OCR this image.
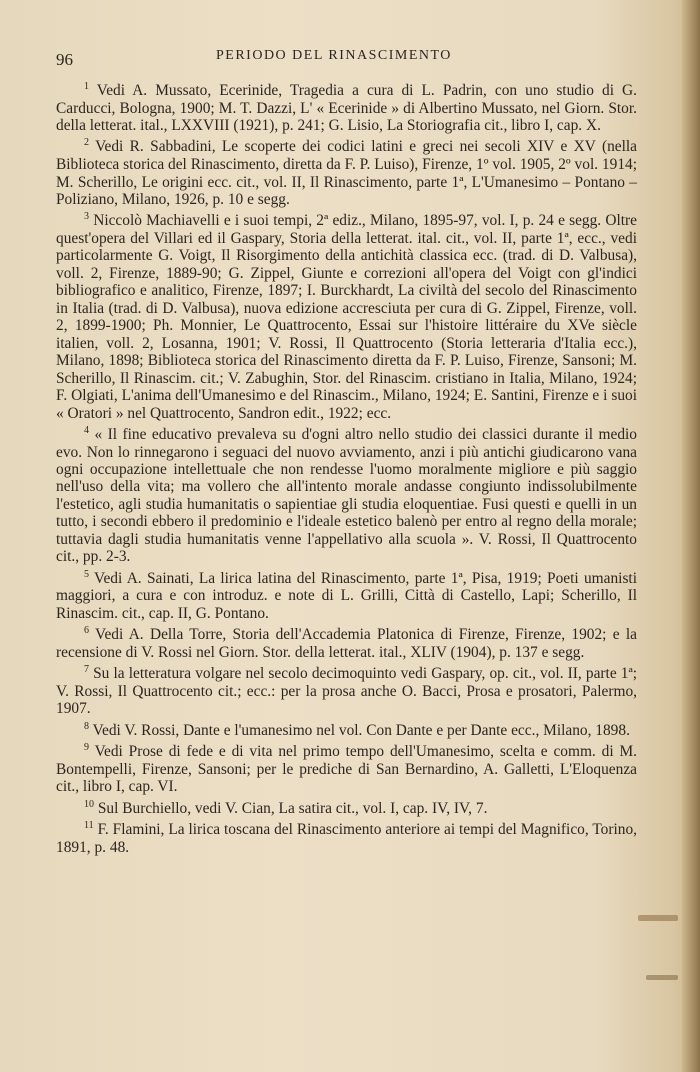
96	PERIODO DEL RINASCIMENTO

$^1$ Vedi A. Mussato, Ecerinide, Tragedia a cura di L. Padrin, con uno studio di G. Carducci, Bologna, 1900; M. T. Dazzi, L' « Ecerinide » di Albertino Mussato, nel Giorn. Stor. della letterat. ital., LXXVIII (1921), p. 241; G. Lisio, La Storiografia cit., libro I, cap. X.

$^2$ Vedi R. Sabbadini, Le scoperte dei codici latini e greci nei secoli XIV e XV (nella Biblioteca storica del Rinascimento, diretta da F. P. Luiso), Firenze, 1º vol. 1905, 2º vol. 1914; M. Scherillo, Le origini ecc. cit., vol. II, Il Rinascimento, parte 1ª, L'Umanesimo – Pontano – Poliziano, Milano, 1926, p. 10 e segg.

$^3$ Niccolò Machiavelli e i suoi tempi, 2ª ediz., Milano, 1895-97, vol. I, p. 24 e segg. Oltre quest'opera del Villari ed il Gaspary, Storia della letterat. ital. cit., vol. II, parte 1ª, ecc., vedi particolarmente G. Voigt, Il Risorgimento della antichità classica ecc. (trad. di D. Valbusa), voll. 2, Firenze, 1889-90; G. Zippel, Giunte e correzioni all'opera del Voigt con gl'indici bibliografico e analitico, Firenze, 1897; I. Burckhardt, La civiltà del secolo del Rinascimento in Italia (trad. di D. Valbusa), nuova edizione accresciuta per cura di G. Zippel, Firenze, voll. 2, 1899-1900; Ph. Monnier, Le Quattrocento, Essai sur l'histoire littéraire du XVe siècle italien, voll. 2, Losanna, 1901; V. Rossi, Il Quattrocento (Storia letteraria d'Italia ecc.), Milano, 1898; Biblioteca storica del Rinascimento diretta da F. P. Luiso, Firenze, Sansoni; M. Scherillo, Il Rinascim. cit.; V. Zabughin, Stor. del Rinascim. cristiano in Italia, Milano, 1924; F. Olgiati, L'anima dell'Umanesimo e del Rinascim., Milano, 1924; E. Santini, Firenze e i suoi « Oratori » nel Quattrocento, Sandron edit., 1922; ecc.

$^4$ « Il fine educativo prevaleva su d'ogni altro nello studio dei classici durante il medio evo. Non lo rinnegarono i seguaci del nuovo avviamento, anzi i più antichi giudicarono vana ogni occupazione intellettuale che non rendesse l'uomo moralmente migliore e più saggio nell'uso della vita; ma vollero che all'intento morale andasse congiunto indissolubilmente l'estetico, agli studia humanitatis o sapientiae gli studia eloquentiae. Fusi questi e quelli in un tutto, i secondi ebbero il predominio e l'ideale estetico balenò per entro al regno della morale; tuttavia dagli studia humanitatis venne l'appellativo alla scuola ». V. Rossi, Il Quattrocento cit., pp. 2-3.

$^5$ Vedi A. Sainati, La lirica latina del Rinascimento, parte 1ª, Pisa, 1919; Poeti umanisti maggiori, a cura e con introduz. e note di L. Grilli, Città di Castello, Lapi; Scherillo, Il Rinascim. cit., cap. II, G. Pontano.

$^6$ Vedi A. Della Torre, Storia dell'Accademia Platonica di Firenze, Firenze, 1902; e la recensione di V. Rossi nel Giorn. Stor. della letterat. ital., XLIV (1904), p. 137 e segg.

$^7$ Su la letteratura volgare nel secolo decimoquinto vedi Gaspary, op. cit., vol. II, parte 1ª; V. Rossi, Il Quattrocento cit.; ecc.: per la prosa anche O. Bacci, Prosa e prosatori, Palermo, 1907.

$^8$ Vedi V. Rossi, Dante e l'umanesimo nel vol. Con Dante e per Dante ecc., Milano, 1898.

$^9$ Vedi Prose di fede e di vita nel primo tempo dell'Umanesimo, scelta e comm. di M. Bontempelli, Firenze, Sansoni; per le prediche di San Bernardino, A. Galletti, L'Eloquenza cit., libro I, cap. VI.

$^{10}$ Sul Burchiello, vedi V. Cian, La satira cit., vol. I, cap. IV, IV, 7.

$^{11}$ F. Flamini, La lirica toscana del Rinascimento anteriore ai tempi del Magnifico, Torino, 1891, p. 48.
